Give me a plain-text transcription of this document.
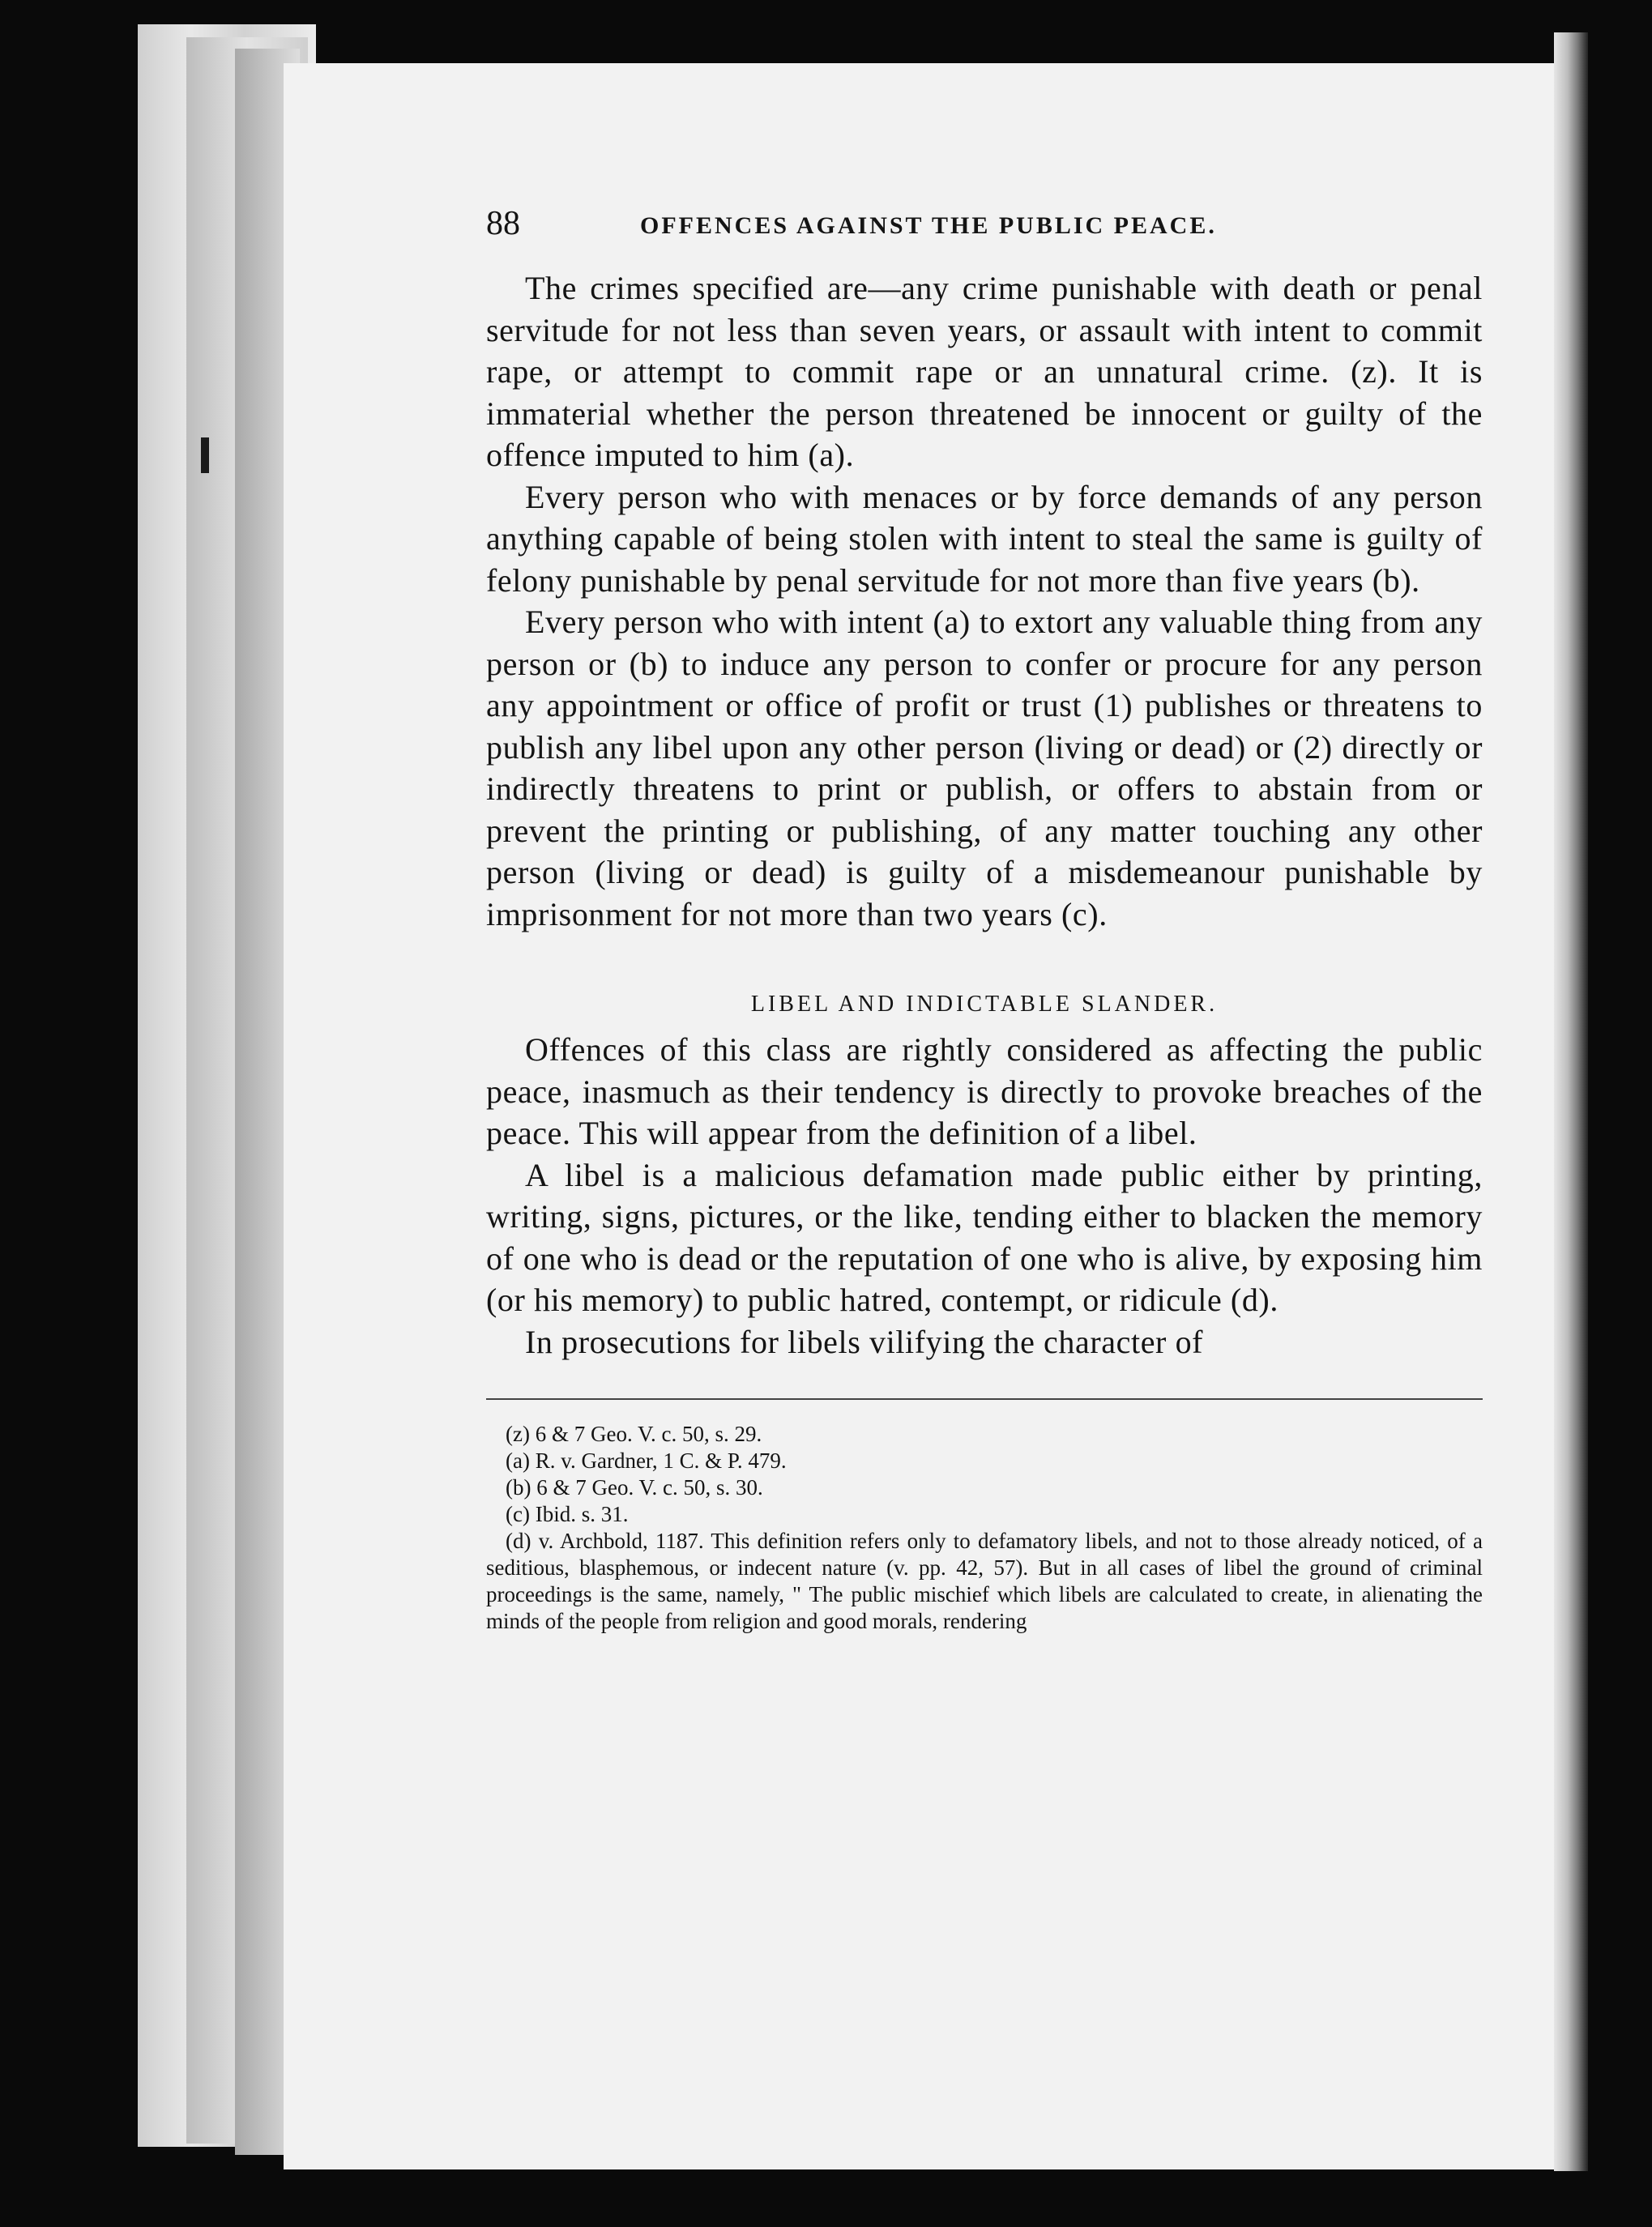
88	OFFENCES AGAINST THE PUBLIC PEACE.

The crimes specified are—any crime punishable with death or penal servitude for not less than seven years, or assault with intent to commit rape, or attempt to commit rape or an unnatural crime. (z). It is immaterial whether the person threatened be innocent or guilty of the offence imputed to him (a).

Every person who with menaces or by force demands of any person anything capable of being stolen with intent to steal the same is guilty of felony punishable by penal servitude for not more than five years (b).

Every person who with intent (a) to extort any valuable thing from any person or (b) to induce any person to confer or procure for any person any appointment or office of profit or trust (1) publishes or threatens to publish any libel upon any other person (living or dead) or (2) directly or indirectly threatens to print or publish, or offers to abstain from or prevent the printing or publishing, of any matter touching any other person (living or dead) is guilty of a misdemeanour punishable by imprisonment for not more than two years (c).

LIBEL AND INDICTABLE SLANDER.

Offences of this class are rightly considered as affecting the public peace, inasmuch as their tendency is directly to provoke breaches of the peace. This will appear from the definition of a libel.

A libel is a malicious defamation made public either by printing, writing, signs, pictures, or the like, tending either to blacken the memory of one who is dead or the reputation of one who is alive, by exposing him (or his memory) to public hatred, contempt, or ridicule (d).

In prosecutions for libels vilifying the character of

(z) 6 & 7 Geo. V. c. 50, s. 29.

(a) R. v. Gardner, 1 C. & P. 479.

(b) 6 & 7 Geo. V. c. 50, s. 30.

(c) Ibid. s. 31.

(d) v. Archbold, 1187. This definition refers only to defamatory libels, and not to those already noticed, of a seditious, blasphemous, or indecent nature (v. pp. 42, 57). But in all cases of libel the ground of criminal proceedings is the same, namely, " The public mischief which libels are calculated to create, in alienating the minds of the people from religion and good morals, rendering
